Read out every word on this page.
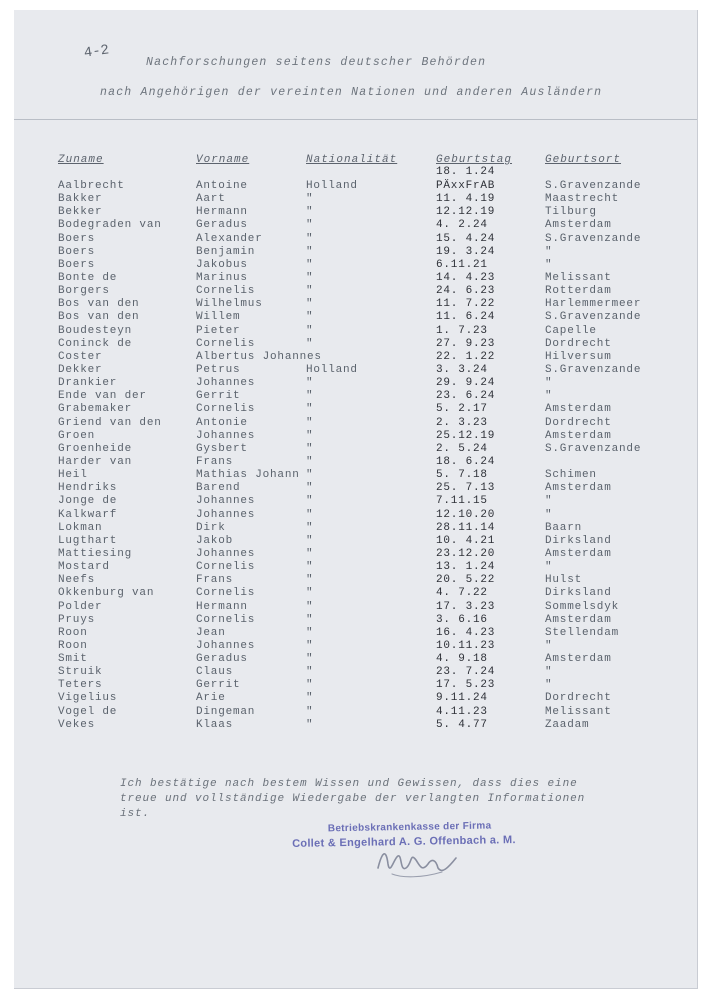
4-2
Nachforschungen seitens deutscher Behörden
nach Angehörigen der vereinten Nationen und anderen Ausländern
Zuname	Vorname	Nationalität	Geburtstag	Geburtsort
18. 1.24
Aalbrecht	Antoine	Holland	PÄxxFrAB	S.Gravenzande
Bakker	Aart	"	11. 4.19	Maastrecht
Bekker	Hermann	"	12.12.19	Tilburg
Bodegraden van	Geradus	"	4. 2.24	Amsterdam
Boers	Alexander	"	15. 4.24	S.Gravenzande
Boers	Benjamin	"	19. 3.24	"
Boers	Jakobus	"	6.11.21	"
Bonte de	Marinus	"	14. 4.23	Melissant
Borgers	Cornelis	"	24. 6.23	Rotterdam
Bos van den	Wilhelmus	"	11. 7.22	Harlemmermeer
Bos van den	Willem	"	11. 6.24	S.Gravenzande
Boudesteyn	Pieter	"	1. 7.23	Capelle
Coninck de	Cornelis	"	27. 9.23	Dordrecht
Coster	Albertus Johannes	22. 1.22	Hilversum
Dekker	Petrus	Holland	3. 3.24	S.Gravenzande
Drankier	Johannes	"	29. 9.24	"
Ende van der	Gerrit	"	23. 6.24	"
Grabemaker	Cornelis	"	5. 2.17	Amsterdam
Griend van den	Antonie	"	2. 3.23	Dordrecht
Groen	Johannes	"	25.12.19	Amsterdam
Groenheide	Gysbert	"	2. 5.24	S.Gravenzande
Harder van	Frans	"	18. 6.24
Heil	Mathias Johann "	5. 7.18	Schimen
Hendriks	Barend	"	25. 7.13	Amsterdam
Jonge de	Johannes	"	7.11.15	"
Kalkwarf	Johannes	"	12.10.20	"
Lokman	Dirk	"	28.11.14	Baarn
Lugthart	Jakob	"	10. 4.21	Dirksland
Mattiesing	Johannes	"	23.12.20	Amsterdam
Mostard	Cornelis	"	13. 1.24	"
Neefs	Frans	"	20. 5.22	Hulst
Okkenburg van	Cornelis	"	4. 7.22	Dirksland
Polder	Hermann	"	17. 3.23	Sommelsdyk
Pruys	Cornelis	"	3. 6.16	Amsterdam
Roon	Jean	"	16. 4.23	Stellendam
Roon	Johannes	"	10.11.23	"
Smit	Geradus	"	4. 9.18	Amsterdam
Struik	Claus	"	23. 7.24	"
Teters	Gerrit	"	17. 5.23	"
Vigelius	Arie	"	9.11.24	Dordrecht
Vogel de	Dingeman	"	4.11.23	Melissant
Vekes	Klaas	"	5. 4.77	Zaadam
Ich bestätige nach bestem Wissen und Gewissen, dass dies eine
treue und vollständige Wiedergabe der verlangten Informationen
ist.
Betriebskrankenkasse der Firma
Collet & Engelhard A. G. Offenbach a. M.
